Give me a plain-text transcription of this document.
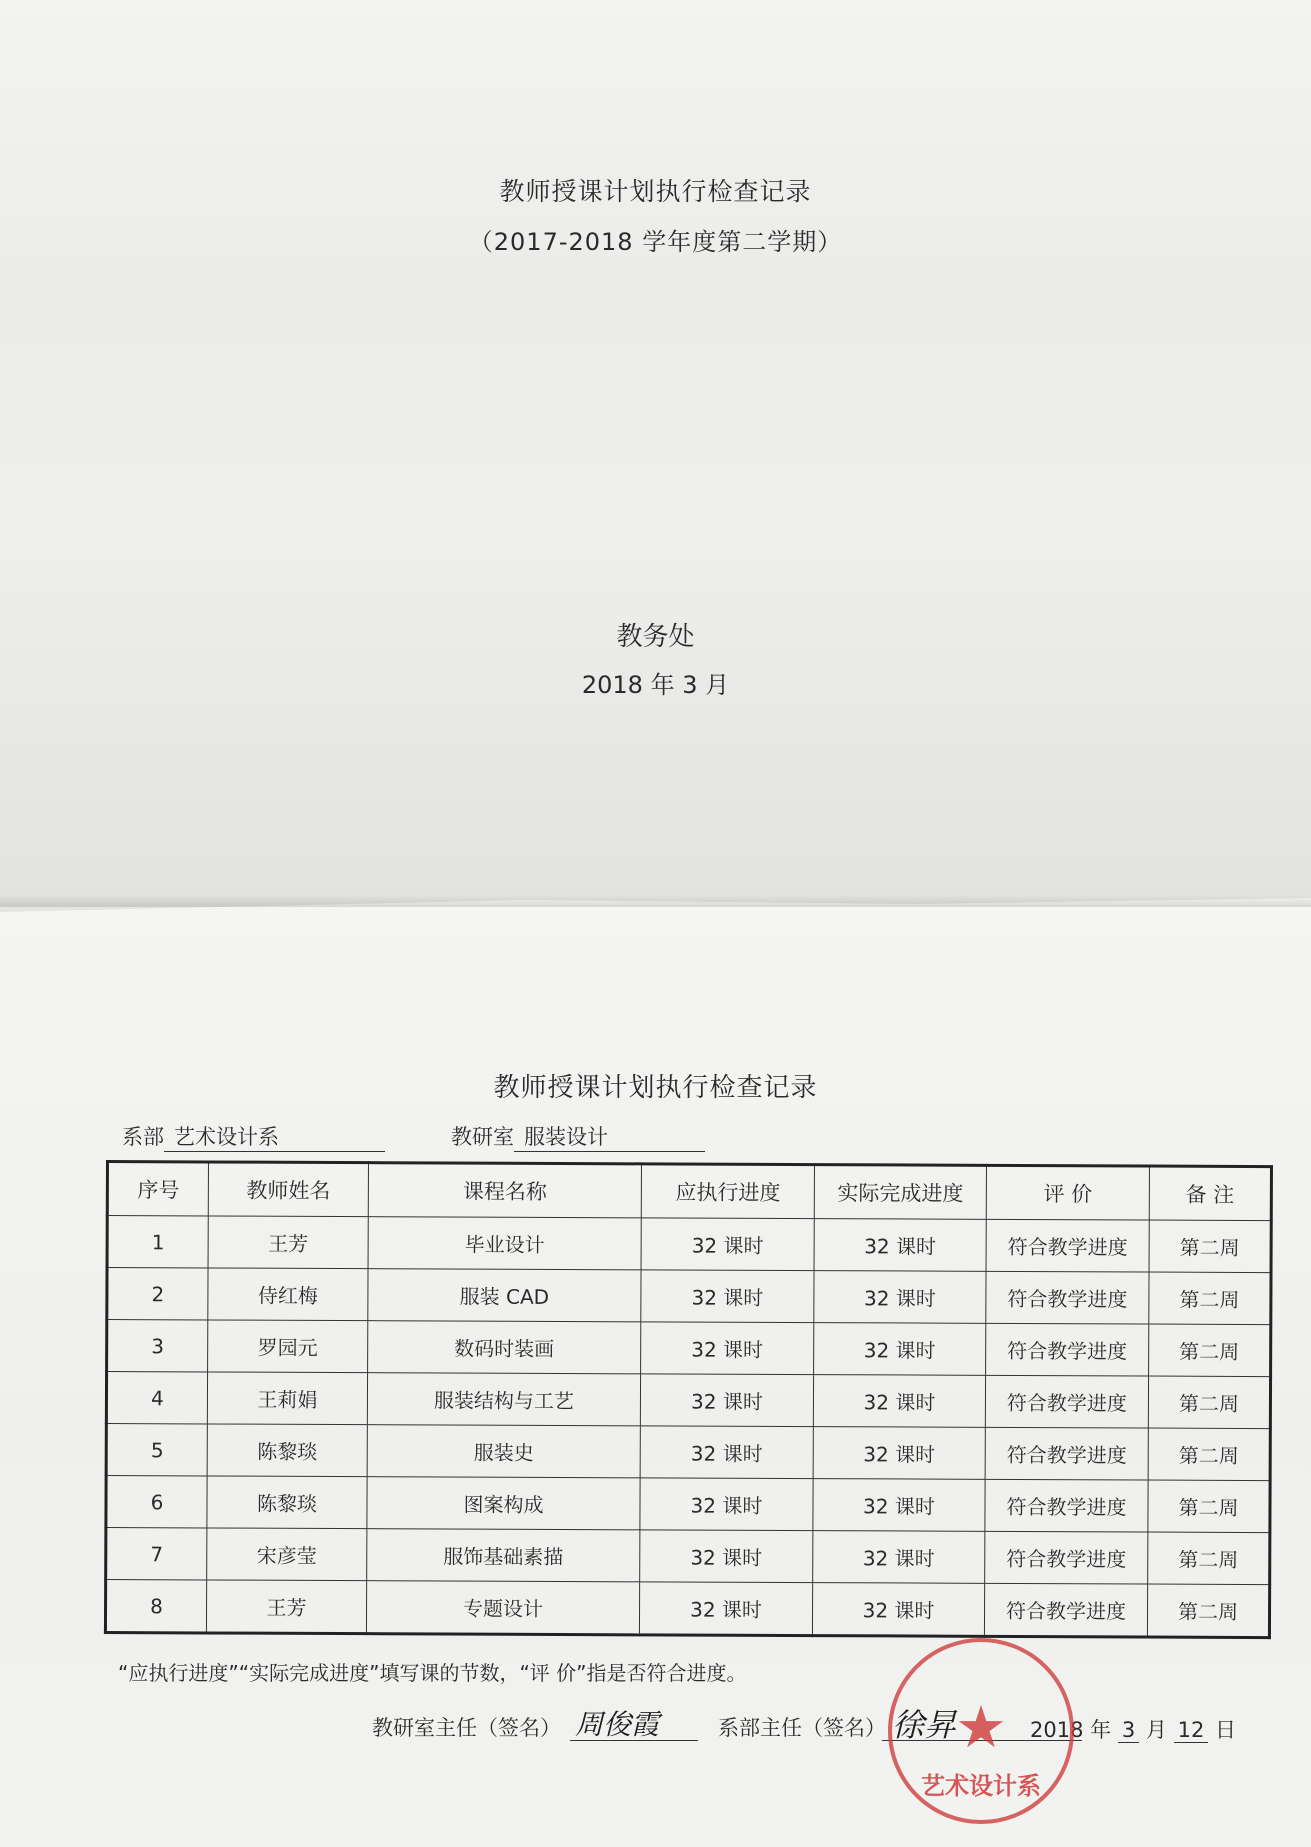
教师授课计划执行检查记录
（2017-2018 学年度第二学期）
教务处
2018 年 3 月
教师授课计划执行检查记录
系部 艺术设计系	教研室 服装设计
序号	教师姓名	课程名称	应执行进度	实际完成进度	评 价	备 注
1	王芳	毕业设计	32 课时	32 课时	符合教学进度	第二周
2	侍红梅	服装 CAD	32 课时	32 课时	符合教学进度	第二周
3	罗园元	数码时装画	32 课时	32 课时	符合教学进度	第二周
4	王莉娟	服装结构与工艺	32 课时	32 课时	符合教学进度	第二周
5	陈黎琰	服装史	32 课时	32 课时	符合教学进度	第二周
6	陈黎琰	图案构成	32 课时	32 课时	符合教学进度	第二周
7	宋彦莹	服饰基础素描	32 课时	32 课时	符合教学进度	第二周
8	王芳	专题设计	32 课时	32 课时	符合教学进度	第二周
“应执行进度”“实际完成进度”填写课的节数，“评 价”指是否符合进度。
教研室主任（签名） 周俊霞	系部主任（签名） 徐昇	2018 年 3 月 12 日
★
艺术设计系
